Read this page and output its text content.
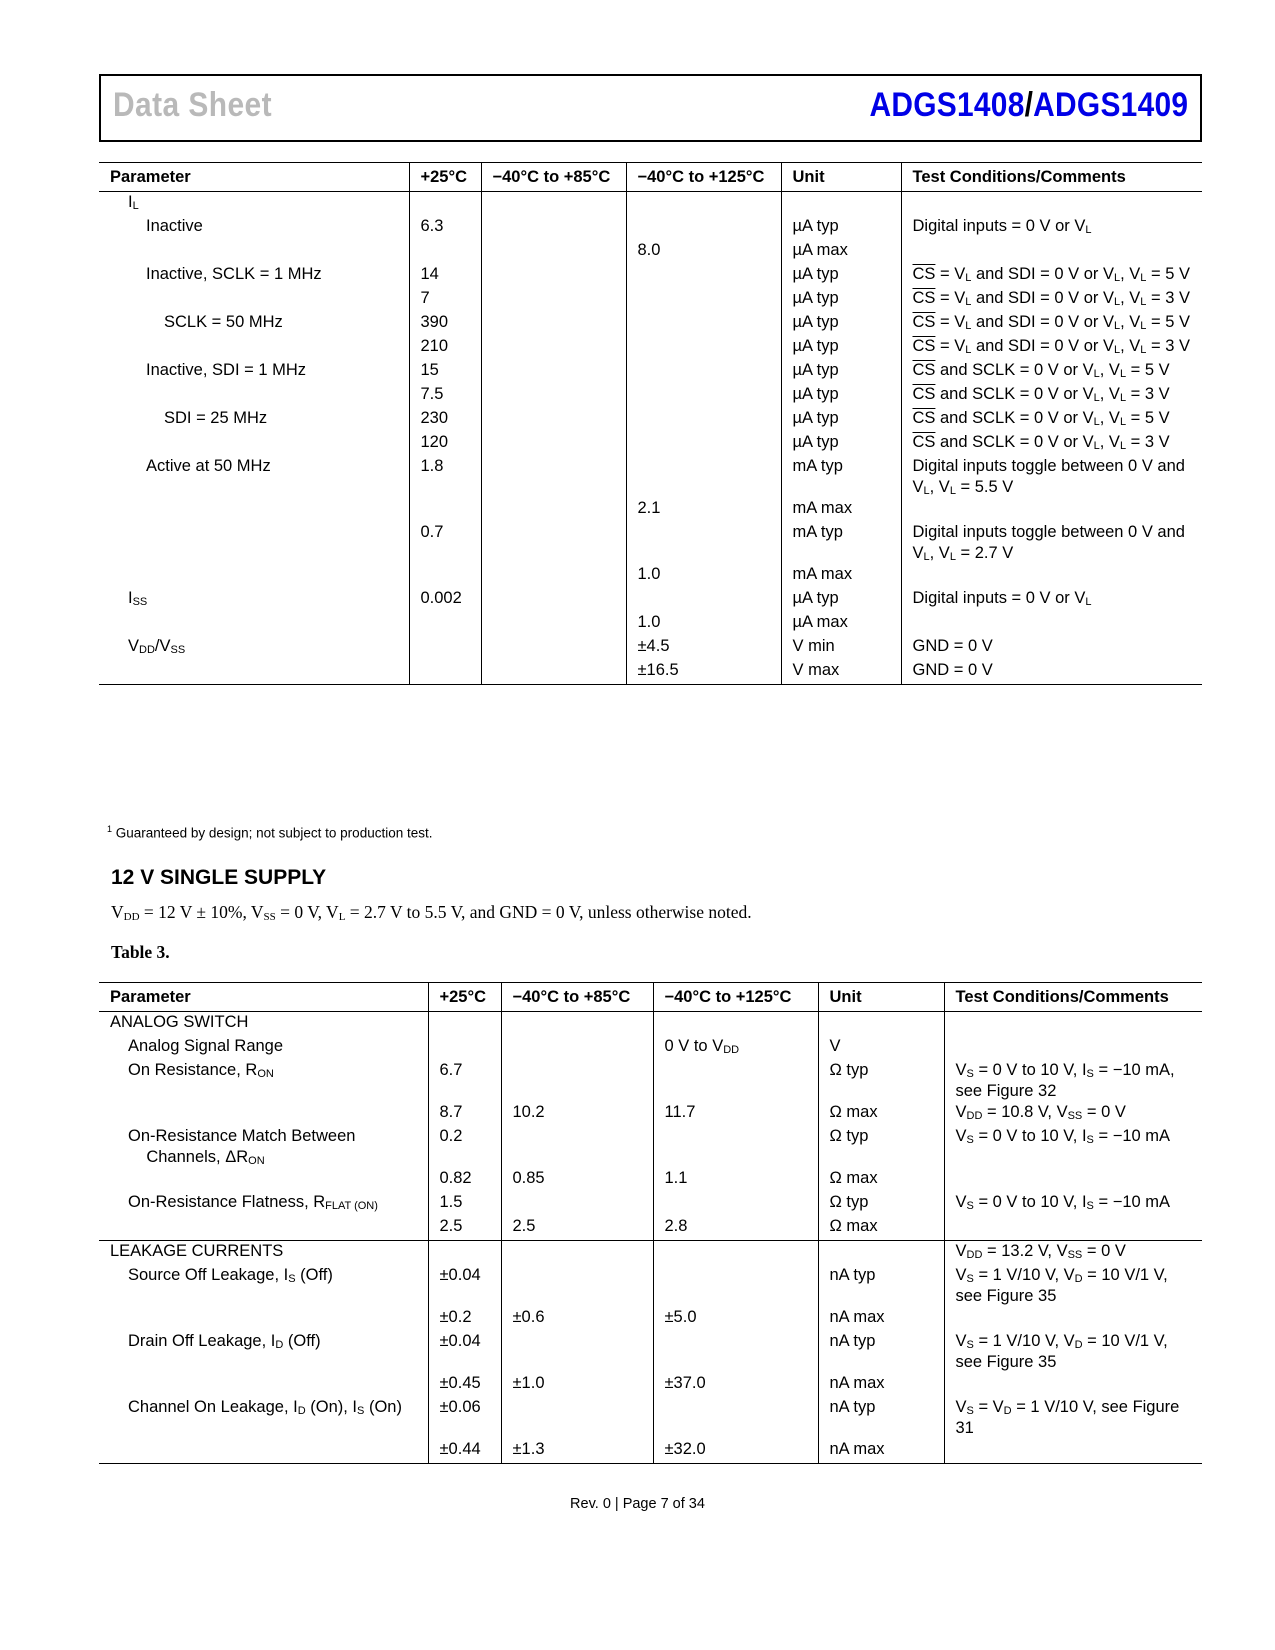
Data Sheet	ADGS1408/ADGS1409
Parameter	+25°C	−40°C to +85°C	−40°C to +125°C	Unit	Test Conditions/Comments
$I_L$					
Inactive	6.3			µA typ	Digital inputs = 0 V or $V_L$
			8.0	µA max	
Inactive, SCLK = 1 MHz	14			µA typ	$\overline{CS} = V_L$ and SDI = 0 V or $V_L$, $V_L = 5$ V
	7			µA typ	$\overline{CS} = V_L$ and SDI = 0 V or $V_L$, $V_L = 3$ V
SCLK = 50 MHz	390			µA typ	$\overline{CS} = V_L$ and SDI = 0 V or $V_L$, $V_L = 5$ V
	210			µA typ	$\overline{CS} = V_L$ and SDI = 0 V or $V_L$, $V_L = 3$ V
Inactive, SDI = 1 MHz	15			µA typ	$\overline{CS}$ and SCLK = 0 V or $V_L$, $V_L = 5$ V
	7.5			µA typ	$\overline{CS}$ and SCLK = 0 V or $V_L$, $V_L = 3$ V
SDI = 25 MHz	230			µA typ	$\overline{CS}$ and SCLK = 0 V or $V_L$, $V_L = 5$ V
	120			µA typ	$\overline{CS}$ and SCLK = 0 V or $V_L$, $V_L = 3$ V
Active at 50 MHz	1.8			mA typ	Digital inputs toggle between 0 V and $V_L$, $V_L = 5.5$ V
			2.1	mA max	
	0.7			mA typ	Digital inputs toggle between 0 V and $V_L$, $V_L = 2.7$ V
			1.0	mA max	
$I_{SS}$	0.002			µA typ	Digital inputs = 0 V or $V_L$
			1.0	µA max	
$V_{DD}/V_{SS}$			±4.5	V min	GND = 0 V
			±16.5	V max	GND = 0 V
$^1$ Guaranteed by design; not subject to production test.
12 V SINGLE SUPPLY
$V_{DD} = 12$ V ± 10%, $V_{SS} = 0$ V, $V_L = 2.7$ V to 5.5 V, and GND = 0 V, unless otherwise noted.
Table 3.
Parameter	+25°C	−40°C to +85°C	−40°C to +125°C	Unit	Test Conditions/Comments
ANALOG SWITCH					
Analog Signal Range			0 V to $V_{DD}$	V	
On Resistance, $R_{ON}$	6.7			Ω typ	$V_S = 0$ V to 10 V, $I_S = -10$ mA, see Figure 32
	8.7	10.2	11.7	Ω max	$V_{DD} = 10.8$ V, $V_{SS} = 0$ V
On-Resistance Match Between
Channels, $\Delta R_{ON}$	0.2			Ω typ	$V_S = 0$ V to 10 V, $I_S = -10$ mA
	0.82	0.85	1.1	Ω max	
On-Resistance Flatness, $R_{FLAT (ON)}$	1.5			Ω typ	$V_S = 0$ V to 10 V, $I_S = -10$ mA
	2.5	2.5	2.8	Ω max	
LEAKAGE CURRENTS					$V_{DD} = 13.2$ V, $V_{SS} = 0$ V
Source Off Leakage, $I_S$ (Off)	±0.04			nA typ	$V_S = 1$ V/10 V, $V_D = 10$ V/1 V, see Figure 35
	±0.2	±0.6	±5.0	nA max	
Drain Off Leakage, $I_D$ (Off)	±0.04			nA typ	$V_S = 1$ V/10 V, $V_D = 10$ V/1 V, see Figure 35
	±0.45	±1.0	±37.0	nA max	
Channel On Leakage, $I_D$ (On), $I_S$ (On)	±0.06			nA typ	$V_S = V_D = 1$ V/10 V, see Figure 31
	±0.44	±1.3	±32.0	nA max	
Rev. 0 | Page 7 of 34
